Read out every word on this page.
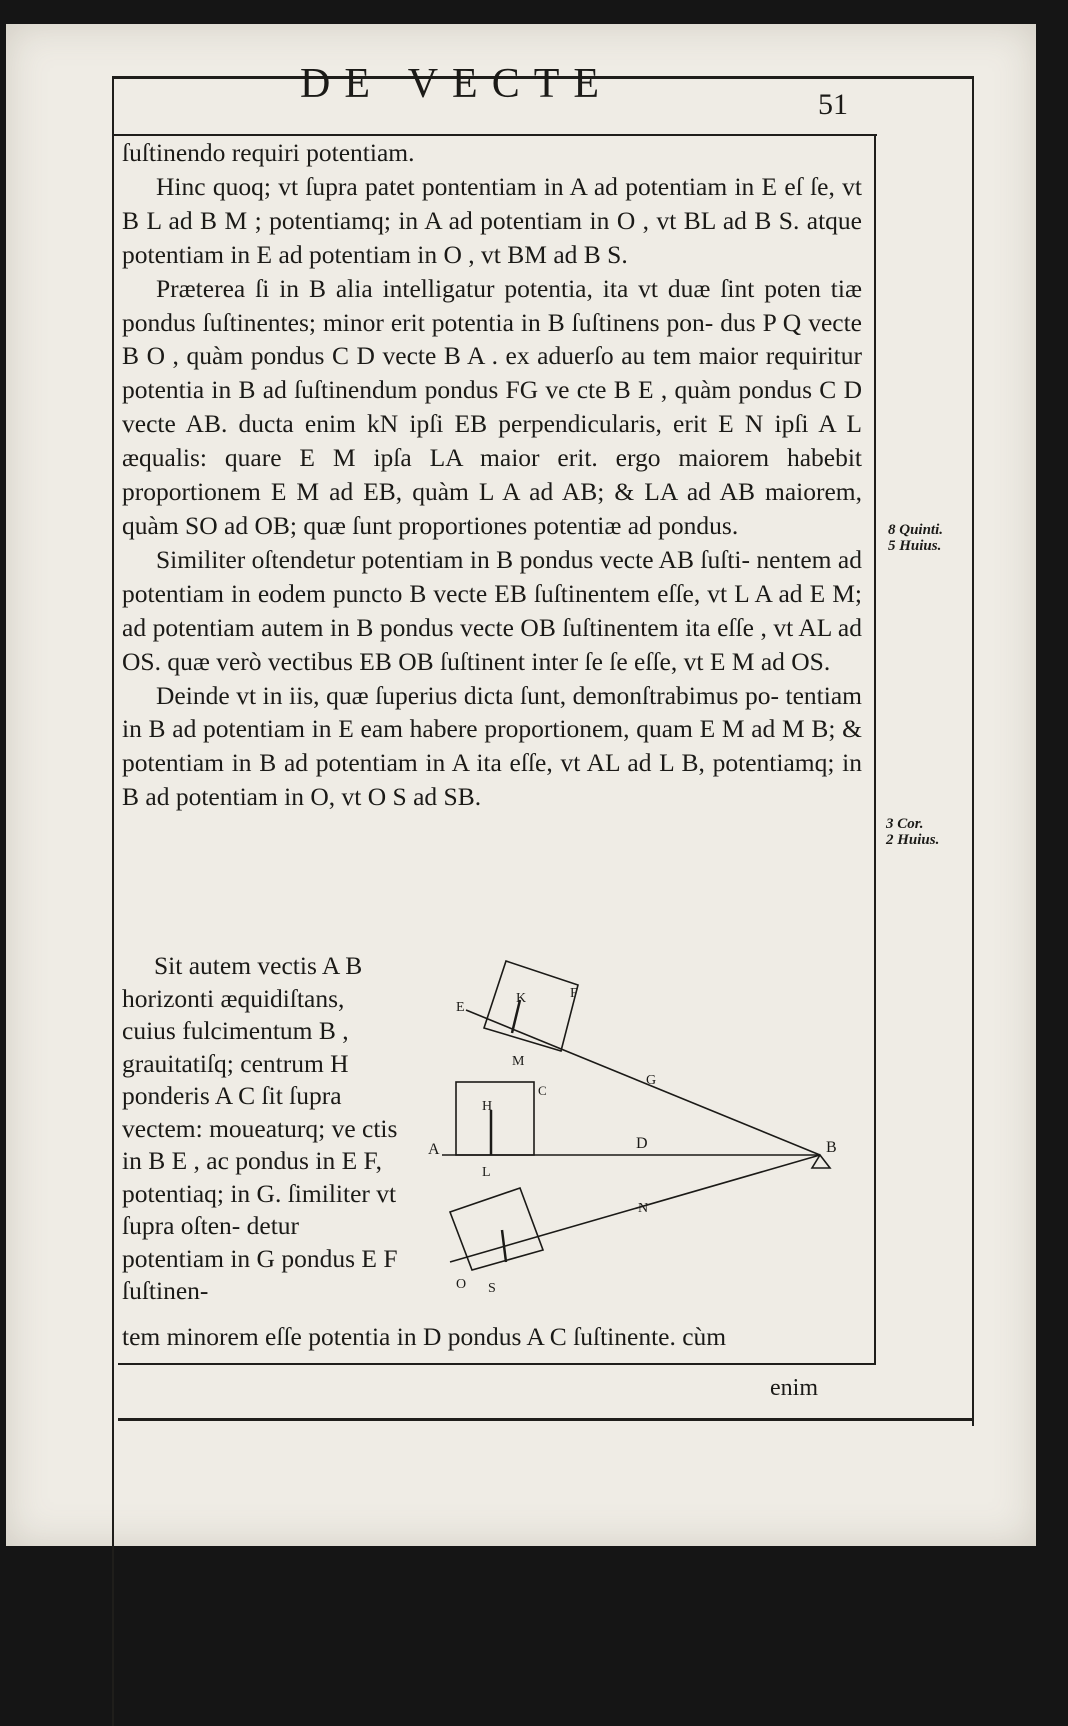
DE VECTE	51

ſuſtinendo requiri potentiam.

Hinc quoq; vt ſupra patet pontentiam in A ad potentiam in E eſ ſe, vt B L ad B M ; potentiamq; in A ad potentiam in O , vt BL ad B S. atque potentiam in E ad potentiam in O , vt BM ad B S.

Præterea ſi in B alia intelligatur potentia, ita vt duæ ſint poten tiæ pondus ſuſtinentes; minor erit potentia in B ſuſtinens pon- dus P Q vecte B O , quàm pondus C D vecte B A . ex aduerſo au tem maior requiritur potentia in B ad ſuſtinendum pondus FG ve cte B E , quàm pondus C D vecte AB. ducta enim kN ipſi EB perpendicularis, erit E N ipſi A L æqualis: quare E M ipſa LA maior erit. ergo maiorem habebit proportionem E M ad EB, quàm L A ad AB; & LA ad AB maiorem, quàm SO ad OB; quæ ſunt proportiones potentiæ ad pondus.

Similiter oſtendetur potentiam in B pondus vecte AB ſuſti- nentem ad potentiam in eodem puncto B vecte EB ſuſtinentem eſſe, vt L A ad E M; ad potentiam autem in B pondus vecte OB ſuſtinentem ita eſſe , vt AL ad OS. quæ verò vectibus EB OB ſuſtinent inter ſe ſe eſſe, vt E M ad OS.

Deinde vt in iis, quæ ſuperius dicta ſunt, demonſtrabimus po- tentiam in B ad potentiam in E eam habere proportionem, quam E M ad M B; & potentiam in B ad potentiam in A ita eſſe, vt AL ad L B, potentiamq; in B ad potentiam in O, vt O S ad SB.

8 Quinti.
5 Huius.
3 Cor.
2 Huius.

Sit autem vectis A B horizonti æquidiſtans, cuius fulcimentum B , grauitatiſq; centrum H ponderis A C ſit ſupra vectem: moueaturq; ve ctis in B E , ac pondus in E F, potentiaq; in G. ſimiliter vt ſupra oſten- detur potentiam in G pondus E F ſuſtinen-

A	B
C
D
E
F
G
H
K
L
M
N
O S
tem minorem eſſe potentia in D pondus A C ſuſtinente. cùm
enim
